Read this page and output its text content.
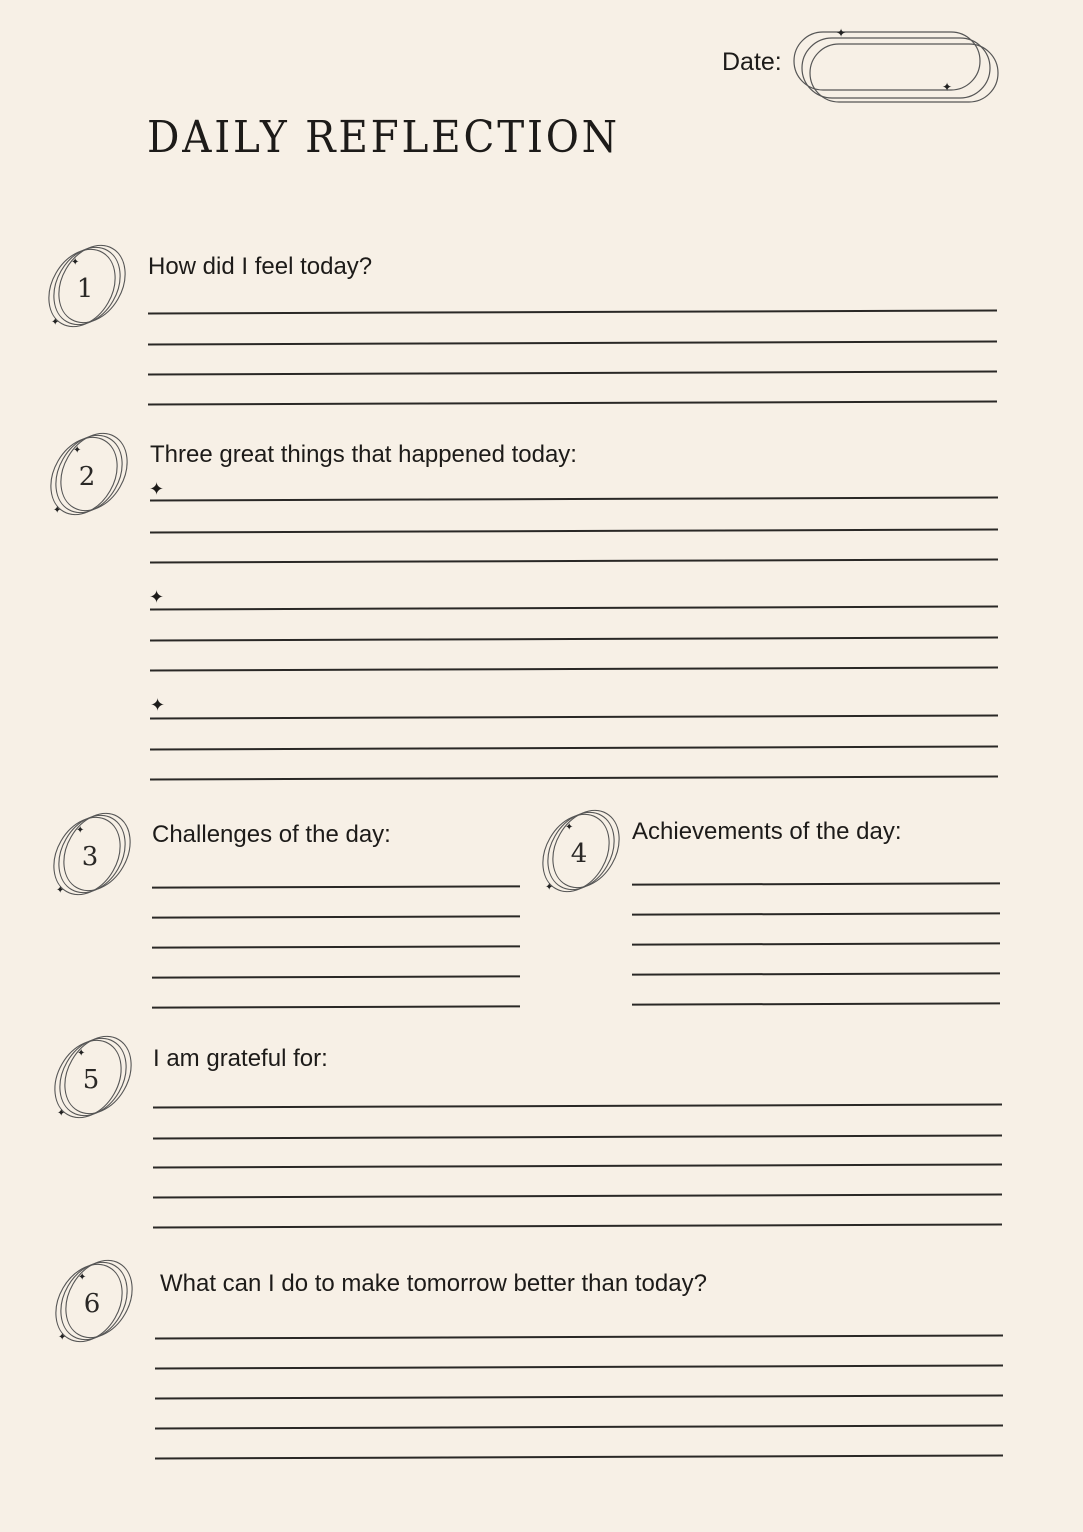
Date:
✦
✦
DAILY REFLECTION
How did I feel today?
Three great things that happened today:
Challenges of the day:	Achievements of the day:
I am grateful for:
What can I do to make tomorrow better than today?
✦
✦
✦
✦
✦
1
✦
✦
2
✦
✦
3
✦
✦
4
✦
✦
5
✦
✦
6
